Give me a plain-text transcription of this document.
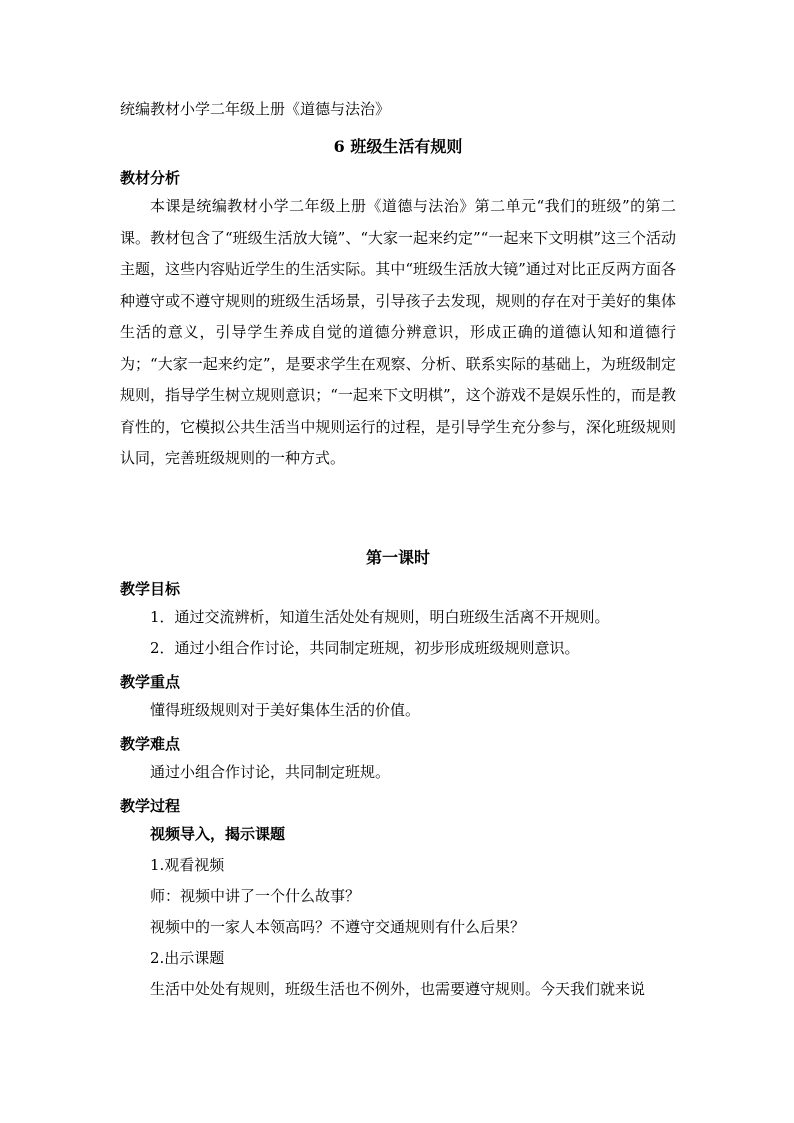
统编教材小学二年级上册《道德与法治》
6 班级生活有规则
教材分析

本课是统编教材小学二年级上册《道德与法治》第二单元“我们的班级”的第二课。教材包含了“班级生活放大镜”、“大家一起来约定”“一起来下文明棋”这三个活动主题，这些内容贴近学生的生活实际。其中“班级生活放大镜”通过对比正反两方面各种遵守或不遵守规则的班级生活场景，引导孩子去发现，规则的存在对于美好的集体生活的意义，引导学生养成自觉的道德分辨意识，形成正确的道德认知和道德行为；“大家一起来约定”，是要求学生在观察、分析、联系实际的基础上，为班级制定规则，指导学生树立规则意识；“一起来下文明棋”，这个游戏不是娱乐性的，而是教育性的，它模拟公共生活当中规则运行的过程，是引导学生充分参与，深化班级规则认同，完善班级规则的一种方式。

第一课时
教学目标
1．通过交流辨析，知道生活处处有规则，明白班级生活离不开规则。
2．通过小组合作讨论，共同制定班规，初步形成班级规则意识。
教学重点
懂得班级规则对于美好集体生活的价值。
教学难点
通过小组合作讨论，共同制定班规。
教学过程
视频导入，揭示课题
1.观看视频
师：视频中讲了一个什么故事？
视频中的一家人本领高吗？不遵守交通规则有什么后果？
2.出示课题
生活中处处有规则，班级生活也不例外，也需要遵守规则。今天我们就来说
